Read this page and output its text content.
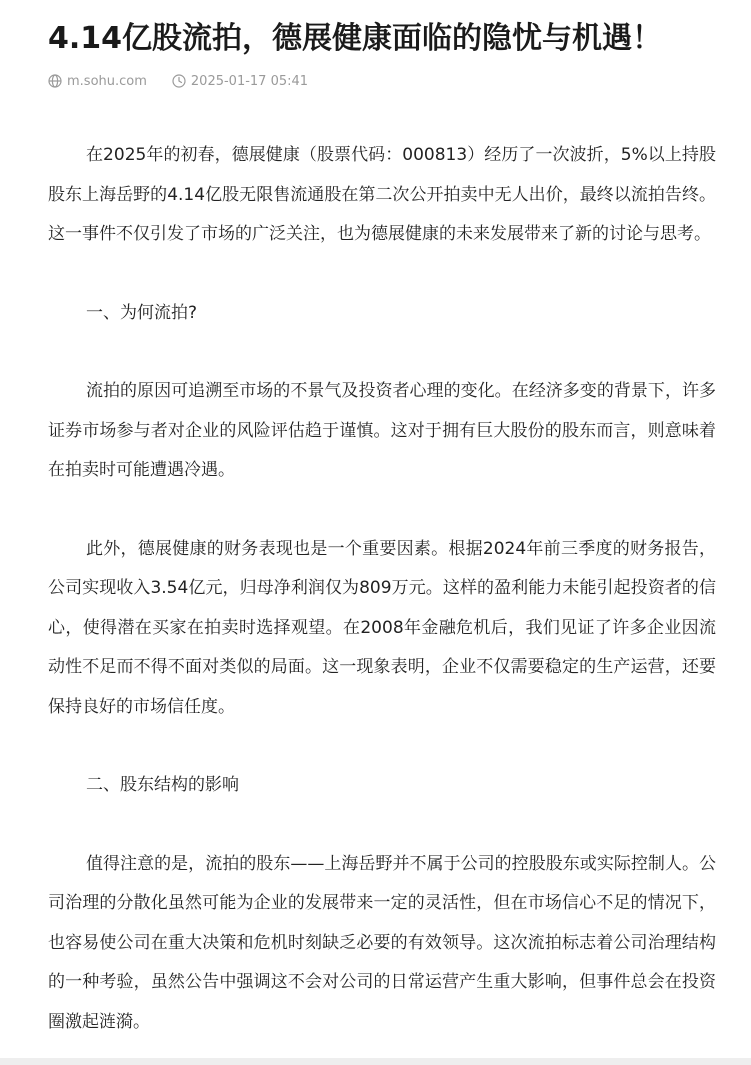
4.14亿股流拍，德展健康面临的隐忧与机遇！
m.sohu.com	2025-01-17 05:41

在2025年的初春，德展健康（股票代码：000813）经历了一次波折，5%以上持股股东上海岳野的4.14亿股无限售流通股在第二次公开拍卖中无人出价，最终以流拍告终。这一事件不仅引发了市场的广泛关注，也为德展健康的未来发展带来了新的讨论与思考。

一、为何流拍?

流拍的原因可追溯至市场的不景气及投资者心理的变化。在经济多变的背景下，许多证券市场参与者对企业的风险评估趋于谨慎。这对于拥有巨大股份的股东而言，则意味着在拍卖时可能遭遇冷遇。

此外，德展健康的财务表现也是一个重要因素。根据2024年前三季度的财务报告，公司实现收入3.54亿元，归母净利润仅为809万元。这样的盈利能力未能引起投资者的信心，使得潜在买家在拍卖时选择观望。在2008年金融危机后，我们见证了许多企业因流动性不足而不得不面对类似的局面。这一现象表明，企业不仅需要稳定的生产运营，还要保持良好的市场信任度。

二、股东结构的影响

值得注意的是，流拍的股东——上海岳野并不属于公司的控股股东或实际控制人。公司治理的分散化虽然可能为企业的发展带来一定的灵活性，但在市场信心不足的情况下，也容易使公司在重大决策和危机时刻缺乏必要的有效领导。这次流拍标志着公司治理结构的一种考验，虽然公告中强调这不会对公司的日常运营产生重大影响，但事件总会在投资圈激起涟漪。
